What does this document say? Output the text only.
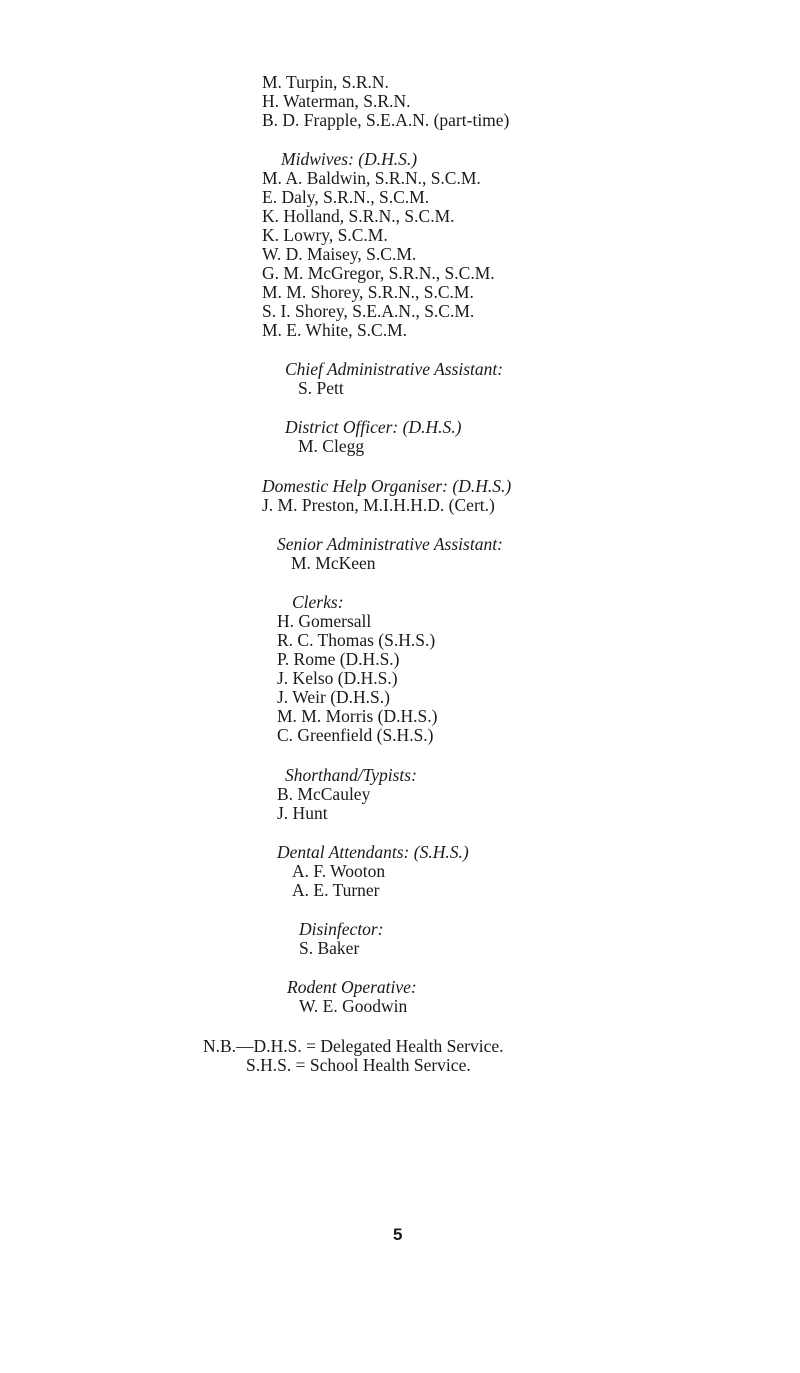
M. Turpin, S.R.N.
H. Waterman, S.R.N.
B. D. Frapple, S.E.A.N. (part-time)
Midwives: (D.H.S.)
M. A. Baldwin, S.R.N., S.C.M.
E. Daly, S.R.N., S.C.M.
K. Holland, S.R.N., S.C.M.
K. Lowry, S.C.M.
W. D. Maisey, S.C.M.
G. M. McGregor, S.R.N., S.C.M.
M. M. Shorey, S.R.N., S.C.M.
S. I. Shorey, S.E.A.N., S.C.M.
M. E. White, S.C.M.
Chief Administrative Assistant:
S. Pett
District Officer: (D.H.S.)
M. Clegg
Domestic Help Organiser: (D.H.S.)
J. M. Preston, M.I.H.H.D. (Cert.)
Senior Administrative Assistant:
M. McKeen
Clerks:
H. Gomersall
R. C. Thomas (S.H.S.)
P. Rome (D.H.S.)
J. Kelso (D.H.S.)
J. Weir (D.H.S.)
M. M. Morris (D.H.S.)
C. Greenfield (S.H.S.)
Shorthand/Typists:
B. McCauley
J. Hunt
Dental Attendants: (S.H.S.)
A. F. Wooton
A. E. Turner
Disinfector:
S. Baker
Rodent Operative:
W. E. Goodwin
N.B.—D.H.S. = Delegated Health Service.
S.H.S. = School Health Service.
5
